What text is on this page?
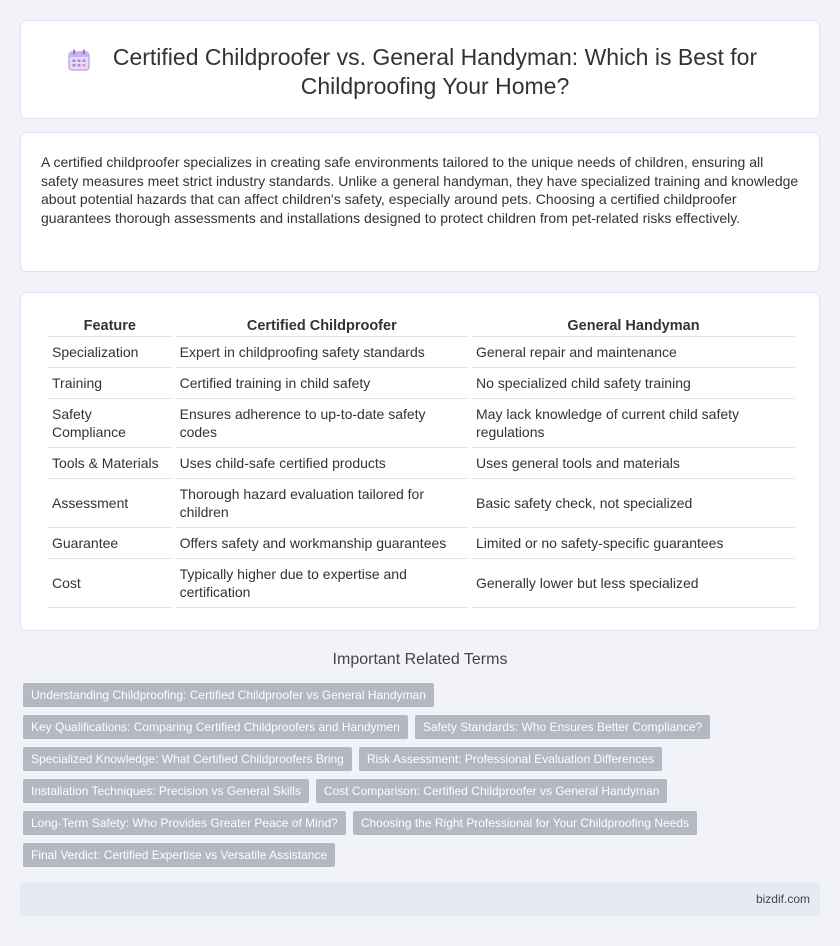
Certified Childproofer vs. General Handyman: Which is Best for Childproofing Your Home?

A certified childproofer specializes in creating safe environments tailored to the unique needs of children, ensuring all safety measures meet strict industry standards. Unlike a general handyman, they have specialized training and knowledge about potential hazards that can affect children's safety, especially around pets. Choosing a certified childproofer guarantees thorough assessments and installations designed to protect children from pet-related risks effectively.

Feature	Certified Childproofer	General Handyman
Specialization	Expert in childproofing safety standards	General repair and maintenance
Training	Certified training in child safety	No specialized child safety training
Safety Compliance	Ensures adherence to up-to-date safety codes	May lack knowledge of current child safety regulations
Tools & Materials	Uses child-safe certified products	Uses general tools and materials
Assessment	Thorough hazard evaluation tailored for children	Basic safety check, not specialized
Guarantee	Offers safety and workmanship guarantees	Limited or no safety-specific guarantees
Cost	Typically higher due to expertise and certification	Generally lower but less specialized
Important Related Terms
Understanding Childproofing: Certified Childproofer vs General Handyman
Key Qualifications: Comparing Certified Childproofers and Handymen	Safety Standards: Who Ensures Better Compliance?
Specialized Knowledge: What Certified Childproofers Bring	Risk Assessment: Professional Evaluation Differences
Installation Techniques: Precision vs General Skills	Cost Comparison: Certified Childproofer vs General Handyman
Long-Term Safety: Who Provides Greater Peace of Mind?	Choosing the Right Professional for Your Childproofing Needs
Final Verdict: Certified Expertise vs Versatile Assistance
bizdif.com
